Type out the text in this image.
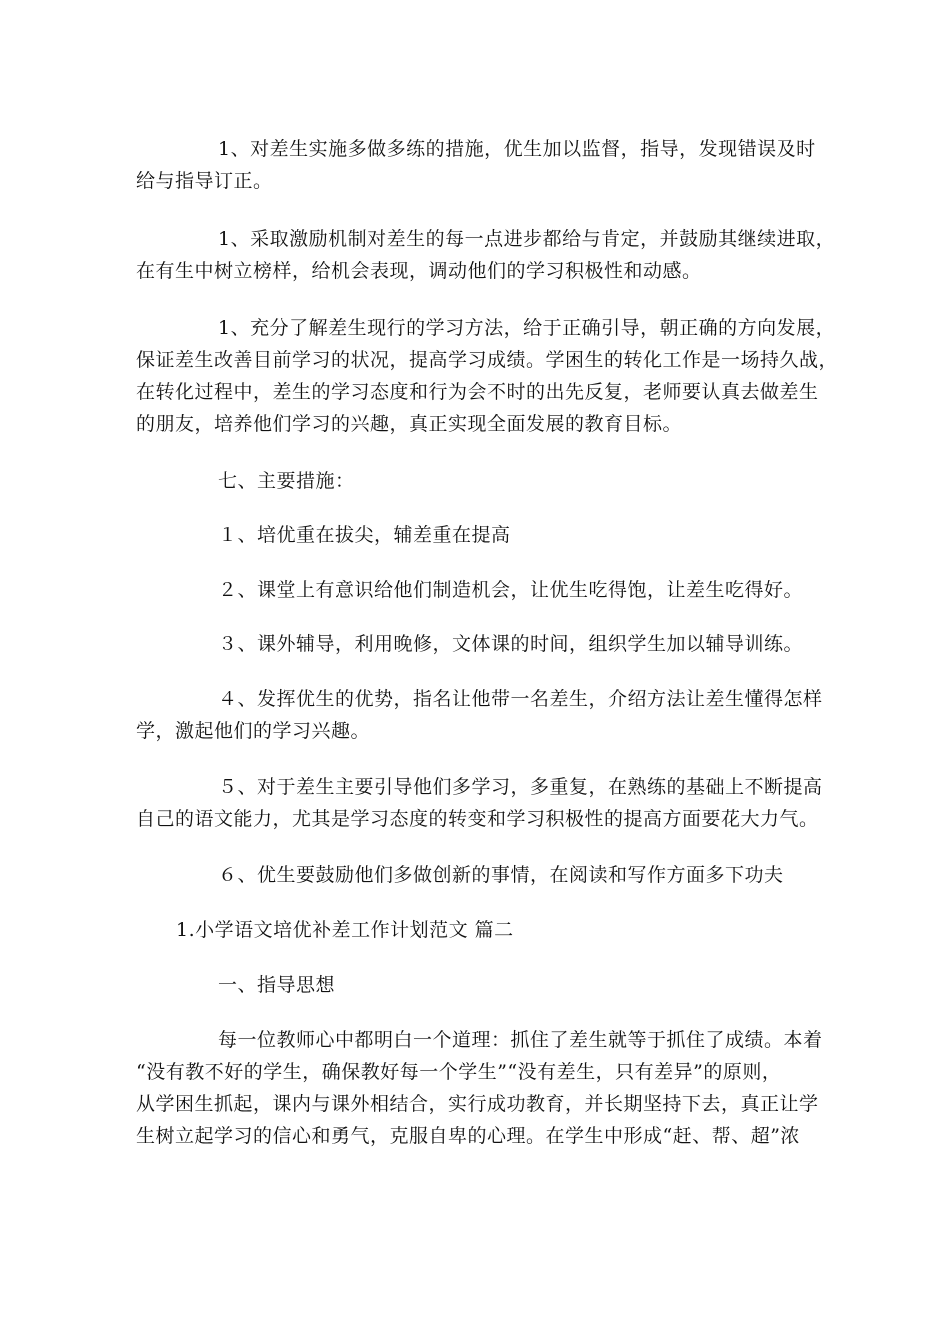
1、对差生实施多做多练的措施，优生加以监督，指导，发现错误及时
给与指导订正。
1、采取激励机制对差生的每一点进步都给与肯定，并鼓励其继续进取，
在有生中树立榜样，给机会表现，调动他们的学习积极性和动感。
1、充分了解差生现行的学习方法，给于正确引导，朝正确的方向发展，
保证差生改善目前学习的状况，提高学习成绩。学困生的转化工作是一场持久战，
在转化过程中，差生的学习态度和行为会不时的出先反复，老师要认真去做差生
的朋友，培养他们学习的兴趣，真正实现全面发展的教育目标。
七、主要措施：
１、培优重在拔尖，辅差重在提高
２、课堂上有意识给他们制造机会，让优生吃得饱，让差生吃得好。
３、课外辅导，利用晚修，文体课的时间，组织学生加以辅导训练。
４、发挥优生的优势，指名让他带一名差生，介绍方法让差生懂得怎样
学，激起他们的学习兴趣。
５、对于差生主要引导他们多学习，多重复，在熟练的基础上不断提高
自己的语文能力，尤其是学习态度的转变和学习积极性的提高方面要花大力气。
６、优生要鼓励他们多做创新的事情，在阅读和写作方面多下功夫
1.小学语文培优补差工作计划范文 篇二
一、指导思想
每一位教师心中都明白一个道理：抓住了差生就等于抓住了成绩。本着
“没有教不好的学生，确保教好每一个学生”“没有差生，只有差异”的原则，
从学困生抓起，课内与课外相结合，实行成功教育，并长期坚持下去，真正让学
生树立起学习的信心和勇气，克服自卑的心理。在学生中形成“赶、帮、超”浓
